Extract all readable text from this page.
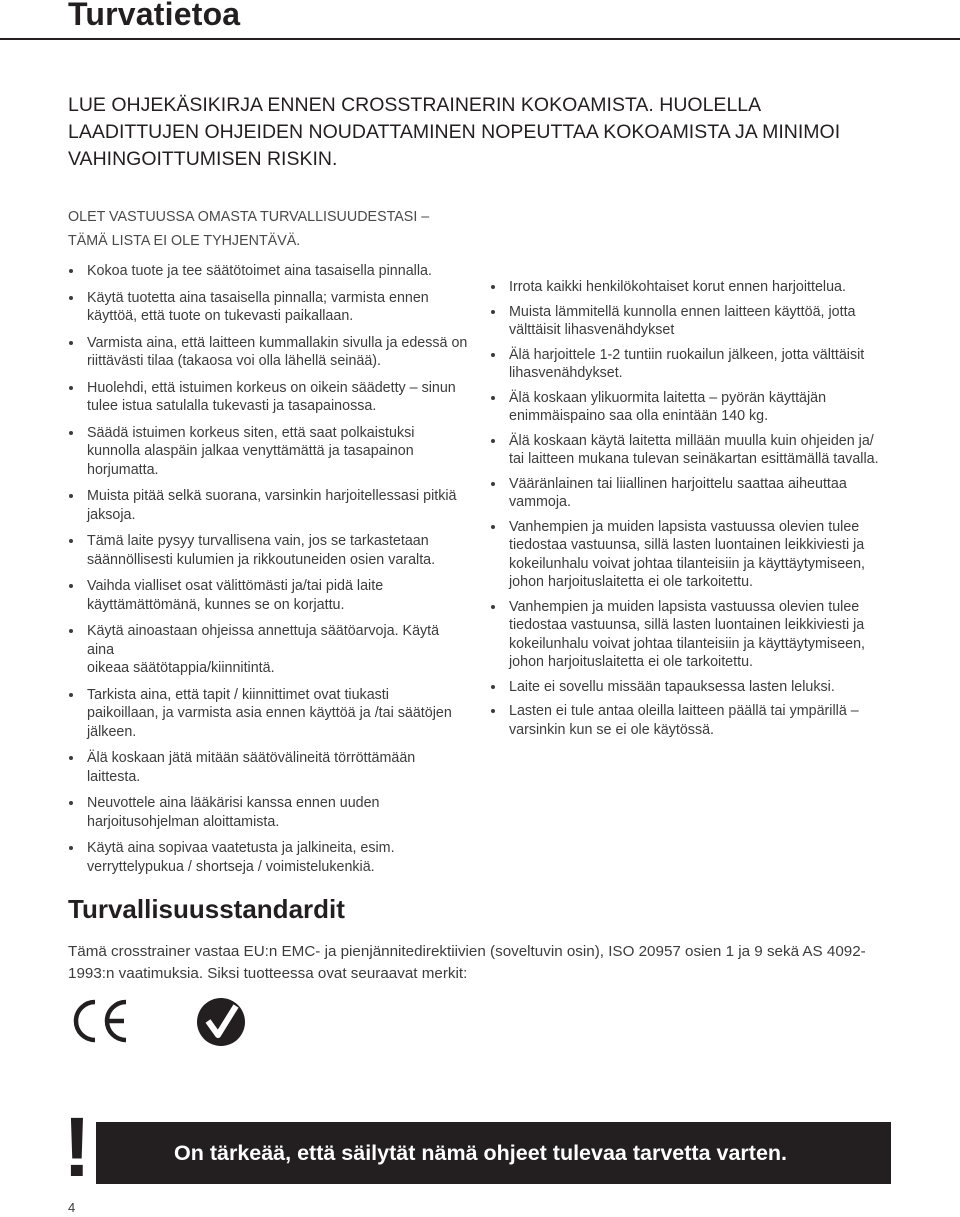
Turvatietoa
LUE OHJEKÄSIKIRJA ENNEN CROSSTRAINERIN KOKOAMISTA. HUOLELLA
LAADITTUJEN OHJEIDEN NOUDATTAMINEN NOPEUTTAA KOKOAMISTA JA MINIMOI
VAHINGOITTUMISEN RISKIN.
OLET VASTUUSSA OMASTA TURVALLISUUDESTASI –
TÄMÄ LISTA EI OLE TYHJENTÄVÄ.
Kokoa tuote ja tee säätötoimet aina tasaisella pinnalla.
Käytä tuotetta aina tasaisella pinnalla; varmista ennen
käyttöä, että tuote on tukevasti paikallaan.
Varmista aina, että laitteen kummallakin sivulla ja edessä on
riittävästi tilaa (takaosa voi olla lähellä seinää).
Huolehdi, että istuimen korkeus on oikein säädetty – sinun
tulee istua satulalla tukevasti ja tasapainossa.
Säädä istuimen korkeus siten, että saat polkaistuksi
kunnolla alaspäin jalkaa venyttämättä ja tasapainon
horjumatta.
Muista pitää selkä suorana, varsinkin harjoitellessasi pitkiä
jaksoja.
Tämä laite pysyy turvallisena vain, jos se tarkastetaan
säännöllisesti kulumien ja rikkoutuneiden osien varalta.
Vaihda vialliset osat välittömästi ja/tai pidä laite
käyttämättömänä, kunnes se on korjattu.
Käytä ainoastaan ohjeissa annettuja säätöarvoja. Käytä aina
oikeaa säätötappia/kiinnitintä.
Tarkista aina, että tapit / kiinnittimet ovat tiukasti
paikoillaan, ja varmista asia ennen käyttöä ja /tai säätöjen
jälkeen.
Älä koskaan jätä mitään säätövälineitä törröttämään
laittesta.
Neuvottele aina lääkärisi kanssa ennen uuden
harjoitusohjelman aloittamista.
Käytä aina sopivaa vaatetusta ja jalkineita, esim.
verryttelypukua / shortseja / voimistelukenkiä.
Irrota kaikki henkilökohtaiset korut ennen harjoittelua.
Muista lämmitellä kunnolla ennen laitteen käyttöä, jotta
välttäisit lihasvenähdykset
Älä harjoittele 1-2 tuntiin ruokailun jälkeen, jotta välttäisit
lihasvenähdykset.
Älä koskaan ylikuormita laitetta – pyörän käyttäjän
enimmäispaino saa olla enintään 140 kg.
Älä koskaan käytä laitetta millään muulla kuin ohjeiden ja/
tai laitteen mukana tulevan seinäkartan esittämällä tavalla.
Vääränlainen tai liiallinen harjoittelu saattaa aiheuttaa
vammoja.
Vanhempien ja muiden lapsista vastuussa olevien tulee
tiedostaa vastuunsa, sillä lasten luontainen leikkiviesti ja
kokeilunhalu voivat johtaa tilanteisiin ja käyttäytymiseen,
johon harjoituslaitetta ei ole tarkoitettu.
Vanhempien ja muiden lapsista vastuussa olevien tulee
tiedostaa vastuunsa, sillä lasten luontainen leikkiviesti ja
kokeilunhalu voivat johtaa tilanteisiin ja käyttäytymiseen,
johon harjoituslaitetta ei ole tarkoitettu.
Laite ei sovellu missään tapauksessa lasten leluksi.
Lasten ei tule antaa oleilla laitteen päällä tai ympärillä –
varsinkin kun se ei ole käytössä.
Turvallisuusstandardit
Tämä crosstrainer vastaa EU:n EMC- ja pienjännitedirektiivien (soveltuvin osin), ISO 20957 osien 1 ja 9 sekä AS 4092-
1993:n vaatimuksia. Siksi tuotteessa ovat seuraavat merkit:
!	On tärkeää, että säilytät nämä ohjeet tulevaa tarvetta varten.
4
